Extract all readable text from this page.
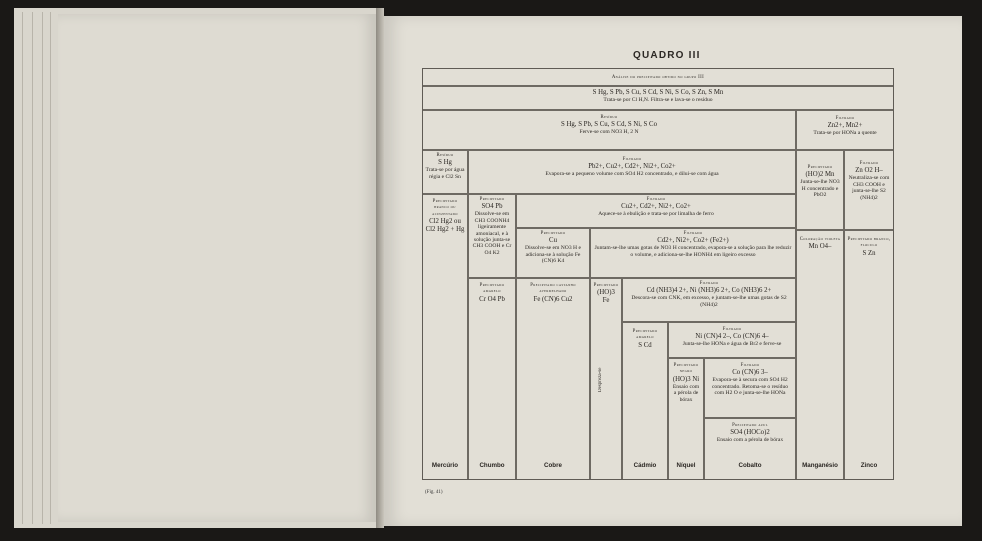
QUADRO III
Análise do precipitado obtido no grupo III
S Hg, S Pb, S Cu, S Cd, S Ni, S Co, S Zn, S Mn
Trata-se por Cl H,N. Filtra-se e lava-se o resíduo
Resíduo
S Hg, S Pb, S Cu, S Cd, S Ni, S Co
Ferve-se com NO3 H, 2 N
Filtrado
Zn2+, Mn2+
Trata-se por HONa a quente
Resíduo
S Hg
Trata-se por água régia e Cl2 Sn
Filtrado
Pb2+, Cu2+, Cd2+, Ni2+, Co2+
Evapora-se a pequeno volume com SO4 H2 concentrado, e dilui-se com água
Precipitado
(HO)2 Mn
Junta-se-lhe NO3 H concentrado e PbO2
Filtrado
Zn O2 H–
Neutraliza-se com CH3 COOH e junta-se-lhe S2 (NH4)2
Precipitado branco ou acinzentado
Cl2 Hg2 ou Cl2 Hg2 + Hg
Precipitado
SO4 Pb
Dissolve-se em CH3 COONH4 ligeiramente amoniacal, e à solução junta-se CH3 COOH e Cr O4 K2
Filtrado
Cu2+, Cd2+, Ni2+, Co2+
Aquece-se à ebulição e trata-se por limalha de ferro
Precipitado
Cu
Dissolve-se em NO3 H e adiciona-se à solução Fe (CN)6 K4
Filtrado
Cd2+, Ni2+, Co2+ (Fe2+)
Juntam-se-lhe umas gotas de NO3 H concentrado, evapora-se a solução para lhe reduzir o volume, e adiciona-se-lhe HONH4 em ligeiro excesso
Coloração violeta
Mn O4–
Precipitado branco, floculo
S Zn
Precipitado amarelo
Cr O4 Pb
Precipitado castanho avermelhado
Fe (CN)6 Cu2
Precipitado
(HO)3 Fe
Despreza-se
Filtrado
Cd (NH3)4 2+, Ni (NH3)6 2+, Co (NH3)6 2+
Descora-se com CNK, em excesso, e juntam-se-lhe umas gotas de S2 (NH4)2
Precipitado amarelo
S Cd
Filtrado
Ni (CN)4 2–, Co (CN)6 4–
Junta-se-lhe HONa e água de Br2 e ferve-se
Precipitado negro
(HO)3 Ni
Ensaio com a pérola de bórax
Filtrado
Co (CN)6 3–
Evapora-se à secura com SO4 H2 concentrado. Retoma-se o resíduo com H2 O e junta-se-lhe HONa
Precipitado azul
SO4 (HOCo)2
Ensaio com a pérola de bórax
Mercúrio	Chumbo	Cobre	Cádmio	Níquel	Cobalto	Manganésio	Zinco
(Fig. 41)
